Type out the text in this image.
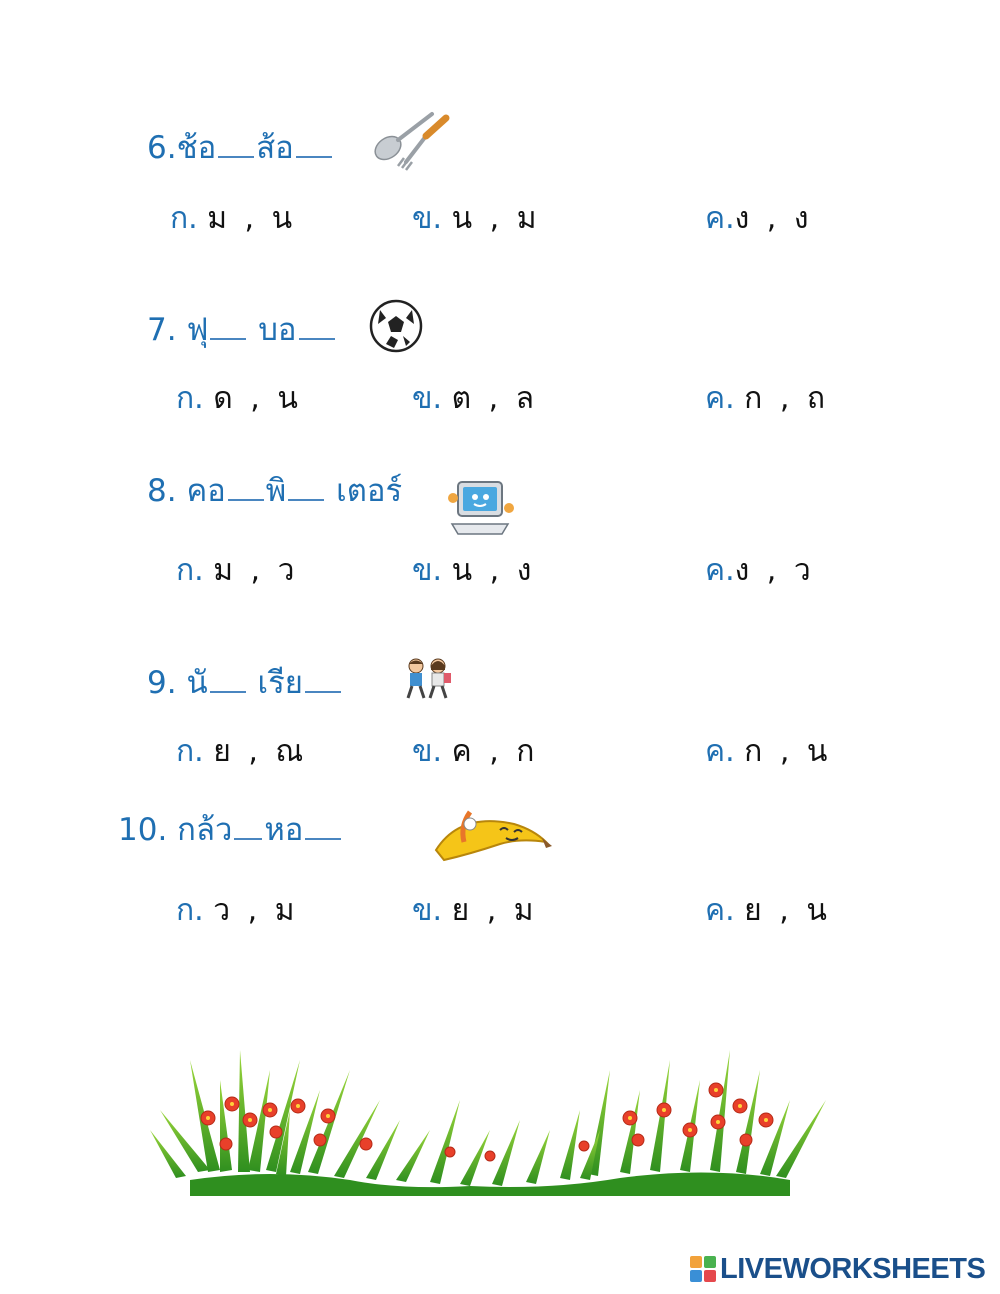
6.ช้อ ส้อ
ก. ม , น	ข. น , ม	ค.ง , ง
7. ฟุ บอ
ก. ด , น	ข. ต , ล	ค. ก , ถ
8. คอ พิ เตอร์
ก. ม , ว	ข. น , ง	ค.ง , ว
9. นั เรีย
ก. ย , ณ	ข. ค , ก	ค. ก , น
10. กล้ว หอ
ก. ว , ม	ข. ย , ม	ค. ย , น
LIVEWORKSHEETS
